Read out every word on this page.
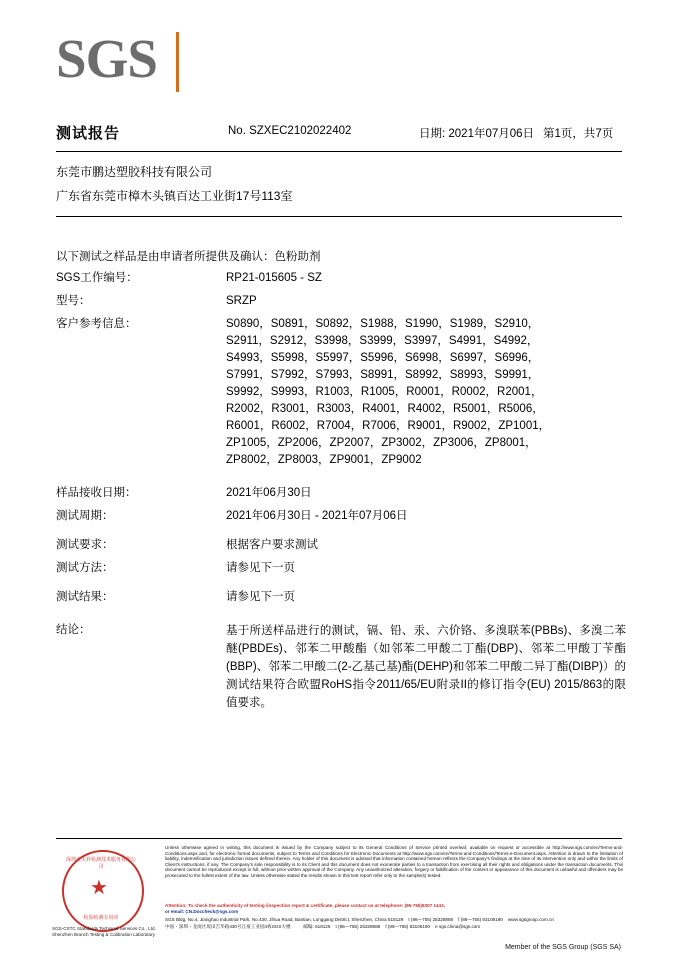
SGS
测试报告	No. SZXEC2102022402	日期: 2021年07月06日 第1页，共7页
东莞市鹏达塑胶科技有限公司
广东省东莞市樟木头镇百达工业街17号113室
以下测试之样品是由申请者所提供及确认：色粉助剂
SGS工作编号：	RP21-015605 - SZ
型号：	SRZP
客户参考信息：	S0890，S0891，S0892，S1988，S1990，S1989，S2910，
S2911，S2912，S3998，S3999，S3997，S4991，S4992，
S4993，S5998，S5997，S5996，S6998，S6997，S6996，
S7991，S7992，S7993，S8991，S8992，S8993，S9991，
S9992，S9993，R1003，R1005，R0001，R0002，R2001，
R2002，R3001，R3003，R4001，R4002，R5001，R5006，
R6001，R6002，R7004，R7006，R9001，R9002，ZP1001，
ZP1005，ZP2006，ZP2007，ZP3002，ZP3006，ZP8001，
ZP8002，ZP8003，ZP9001，ZP9002
样品接收日期：	2021年06月30日
测试周期：	2021年06月30日 - 2021年07月06日
测试要求：	根据客户要求测试
测试方法：	请参见下一页
测试结果：	请参见下一页
结论：	基于所送样品进行的测试，镉、铅、汞、六价铬、多溴联苯(PBBs)、多溴二苯醚(PBDEs)、邻苯二甲酸酯（如邻苯二甲酸二丁酯(DBP)、邻苯二甲酸丁苄酯(BBP)、邻苯二甲酸二(2-乙基己基)酯(DEHP)和邻苯二甲酸二异丁酯(DIBP)）的测试结果符合欧盟RoHS指令2011/65/EU附录II的修订指令(EU) 2015/863的限值要求。
★
深圳市天祥检测技术服务有限公司
检验检测专用章
SGS-CSTC Standards Technical Services Co., Ltd.
Shenzhen Branch Testing & Calibration Laboratory
Unless otherwise agreed in writing, this document is issued by the Company subject to its General Conditions of Service printed overleaf, available on request or accessible at http://www.sgs.com/en/Terms-and-Conditions.aspx and, for electronic format documents, subject to Terms and Conditions for Electronic Documents at http://www.sgs.com/en/Terms-and-Conditions/Terms-e-Document.aspx. Attention is drawn to the limitation of liability, indemnification and jurisdiction issues defined therein. Any holder of this document is advised that information contained hereon reflects the Company's findings at the time of its intervention only and within the limits of Client's instructions, if any. The Company's sole responsibility is to its Client and this document does not exonerate parties to a transaction from exercising all their rights and obligations under the transaction documents. This document cannot be reproduced except in full, without prior written approval of the Company. Any unauthorized alteration, forgery or falsification of the content or appearance of this document is unlawful and offenders may be prosecuted to the fullest extent of the law. Unless otherwise stated the results shown in this test report refer only to the sample(s) tested.
Attention: To check the authenticity of testing /inspection report & certificate, please contact us at telephone: (86-755)8307 1443,
or email: CN.Doccheck@sgs.com
SGS Bldg, No.4, Jianghao Industrial Park, No.430, Jihua Road, Bantian, Longgang District, Shenzhen, China 518129    t (86—755) 25328888    f (86—755) 83106190    www.sgsgroup.com.cn
中国・深圳・龙岗区坂田吉华路430号江豪工业园4栋SGS大楼          邮编: 518129    t (86—755) 25328888    f (86—755) 83106190    e sgs.china@sgs.com
Member of the SGS Group (SGS SA)
